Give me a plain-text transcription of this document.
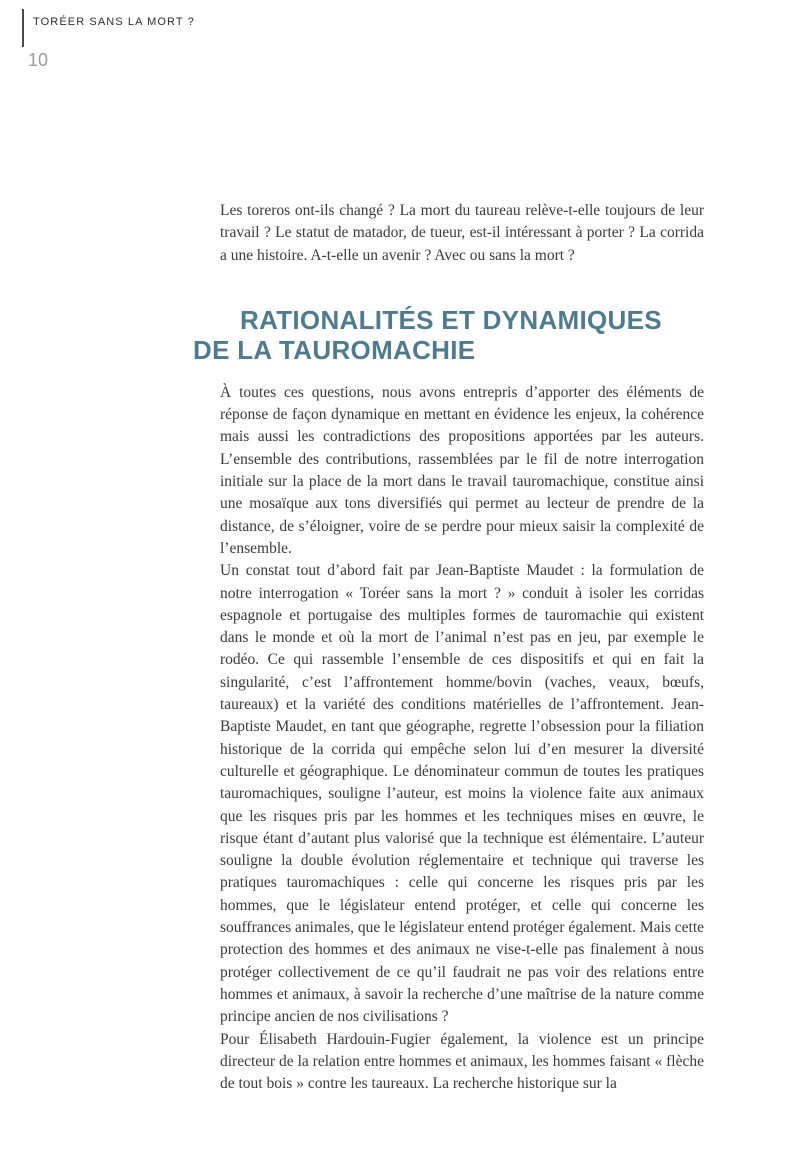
TORÉER SANS LA MORT ?
10

Les toreros ont-ils changé ? La mort du taureau relève-t-elle toujours de leur travail ? Le statut de matador, de tueur, est-il intéressant à porter ? La corrida a une histoire. A-t-elle un avenir ? Avec ou sans la mort ?

RATIONALITÉS ET DYNAMIQUES
DE LA TAUROMACHIE

À toutes ces questions, nous avons entrepris d’apporter des éléments de réponse de façon dynamique en mettant en évidence les enjeux, la cohérence mais aussi les contradictions des propositions apportées par les auteurs. L’ensemble des contributions, rassemblées par le fil de notre interrogation initiale sur la place de la mort dans le travail tauromachique, constitue ainsi une mosaïque aux tons diversifiés qui permet au lecteur de prendre de la distance, de s’éloigner, voire de se perdre pour mieux saisir la complexité de l’ensemble.

Un constat tout d’abord fait par Jean-Baptiste Maudet : la formulation de notre interrogation « Toréer sans la mort ? » conduit à isoler les corridas espagnole et portugaise des multiples formes de tauromachie qui existent dans le monde et où la mort de l’animal n’est pas en jeu, par exemple le rodéo. Ce qui rassemble l’ensemble de ces dispositifs et qui en fait la singularité, c’est l’affrontement homme/bovin (vaches, veaux, bœufs, taureaux) et la variété des conditions matérielles de l’affrontement. Jean-Baptiste Maudet, en tant que géographe, regrette l’obsession pour la filiation historique de la corrida qui empêche selon lui d’en mesurer la diversité culturelle et géographique. Le dénominateur commun de toutes les pratiques tauromachiques, souligne l’auteur, est moins la violence faite aux animaux que les risques pris par les hommes et les techniques mises en œuvre, le risque étant d’autant plus valorisé que la technique est élémentaire. L’auteur souligne la double évolution réglementaire et technique qui traverse les pratiques tauromachiques : celle qui concerne les risques pris par les hommes, que le législateur entend protéger, et celle qui concerne les souffrances animales, que le législateur entend protéger également. Mais cette protection des hommes et des animaux ne vise-t-elle pas finalement à nous protéger collectivement de ce qu’il faudrait ne pas voir des relations entre hommes et animaux, à savoir la recherche d’une maîtrise de la nature comme principe ancien de nos civilisations ?

Pour Élisabeth Hardouin-Fugier également, la violence est un principe directeur de la relation entre hommes et animaux, les hommes faisant « flèche de tout bois » contre les taureaux. La recherche historique sur la
